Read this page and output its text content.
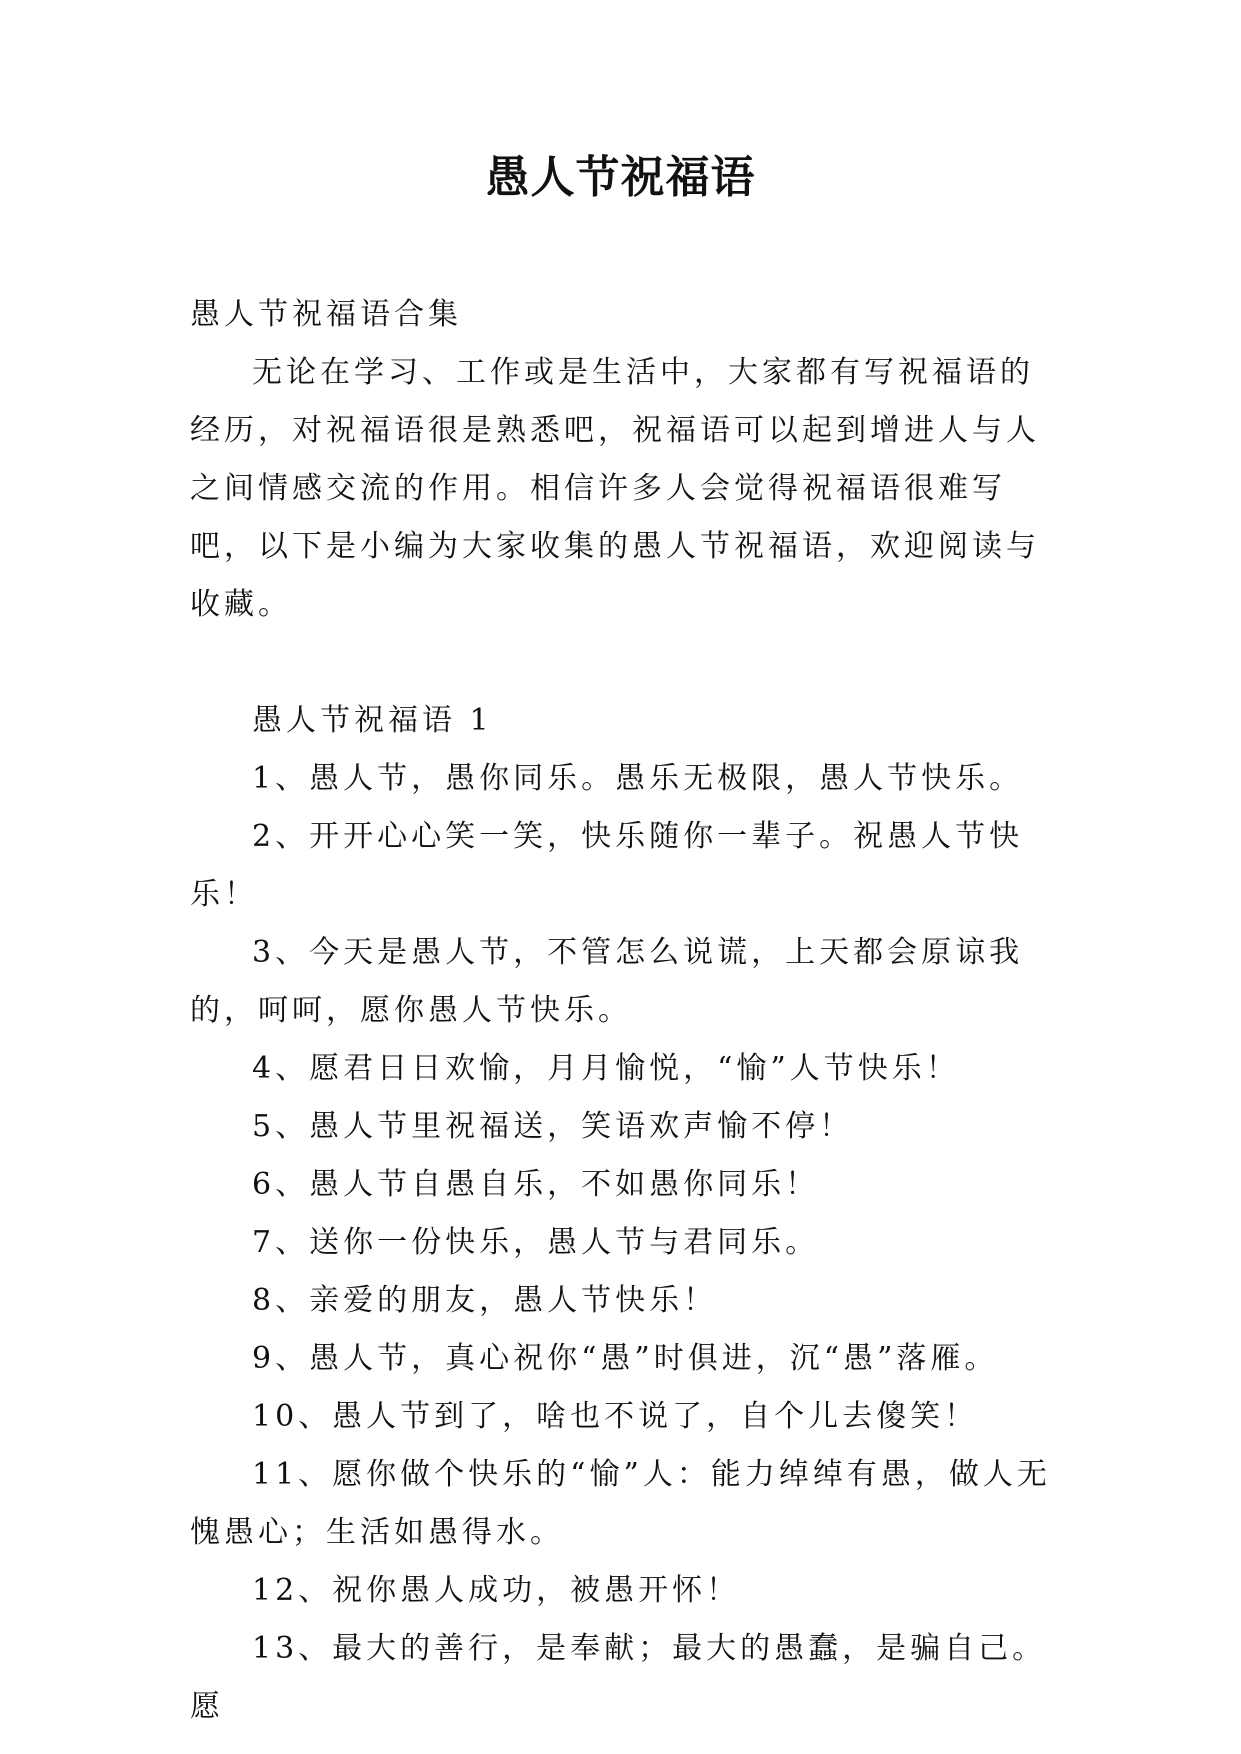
愚人节祝福语

愚人节祝福语合集

无论在学习、工作或是生活中，大家都有写祝福语的经历，对祝福语很是熟悉吧，祝福语可以起到增进人与人之间情感交流的作用。相信许多人会觉得祝福语很难写吧，以下是小编为大家收集的愚人节祝福语，欢迎阅读与收藏。

愚人节祝福语 1

1、愚人节，愚你同乐。愚乐无极限，愚人节快乐。

2、开开心心笑一笑，快乐随你一辈子。祝愚人节快乐！

3、今天是愚人节，不管怎么说谎，上天都会原谅我的，呵呵，愿你愚人节快乐。

4、愿君日日欢愉，月月愉悦，“愉”人节快乐！

5、愚人节里祝福送，笑语欢声愉不停！

6、愚人节自愚自乐，不如愚你同乐！

7、送你一份快乐，愚人节与君同乐。

8、亲爱的朋友，愚人节快乐！

9、愚人节，真心祝你“愚”时俱进，沉“愚”落雁。

10、愚人节到了，啥也不说了，自个儿去傻笑！

11、愿你做个快乐的“愉”人：能力绰绰有愚，做人无愧愚心；生活如愚得水。

12、祝你愚人成功，被愚开怀！

13、最大的善行，是奉献；最大的愚蠢，是骗自己。愿
